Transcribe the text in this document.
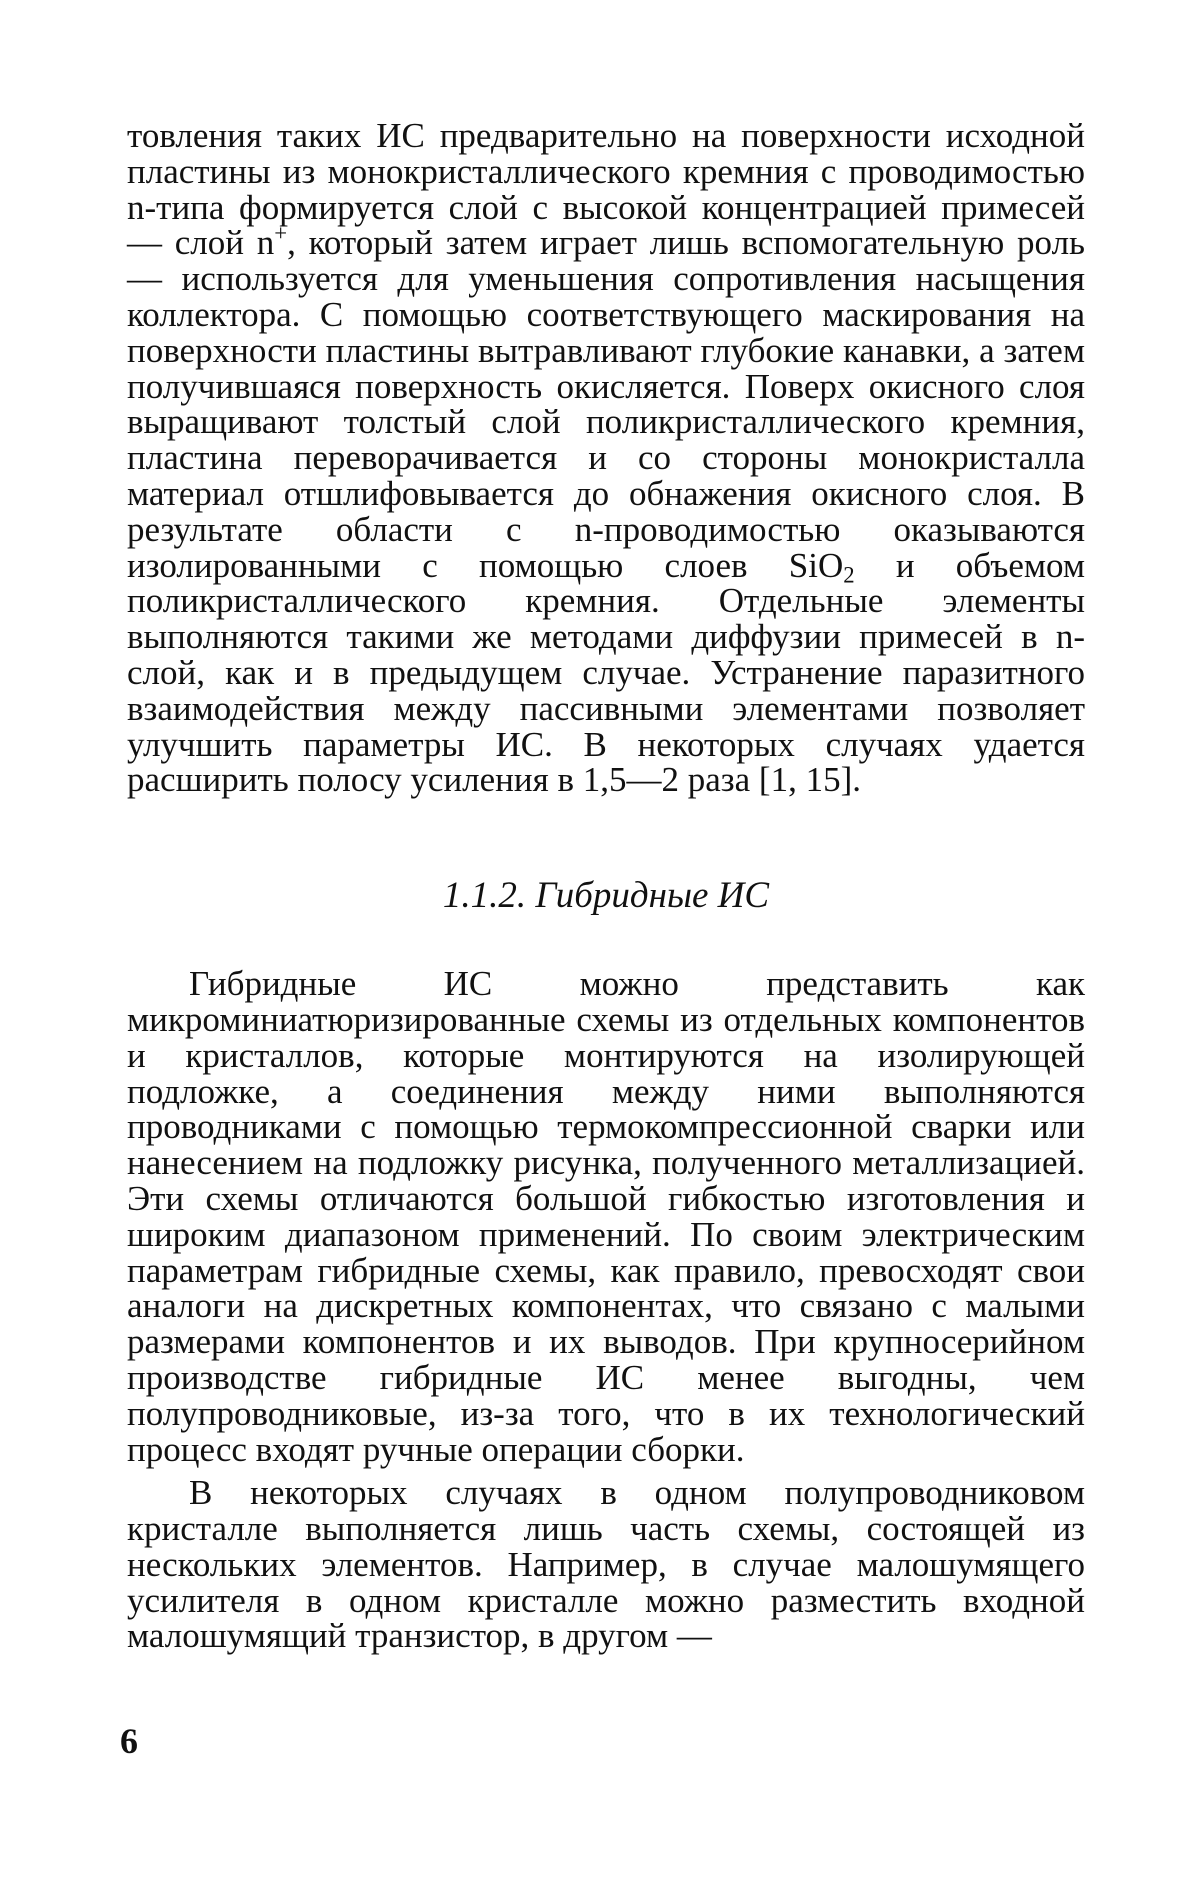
товления таких ИС предварительно на поверхности исходной пластины из монокристаллического кремния с проводимостью n-типа формируется слой с высокой концентрацией примесей — слой n+, который затем играет лишь вспомогательную роль — используется для уменьшения сопротивления насыщения коллектора. С помощью соответствующего маскирования на поверхности пластины вытравливают глубокие канавки, а затем получившаяся поверхность окисляется. Поверх окисного слоя выращивают толстый слой поликристаллического кремния, пластина переворачивается и со стороны монокристалла материал отшлифовывается до обнажения окисного слоя. В результате области с n-проводимостью оказываются изолированными с помощью слоев SiO$_2$ и объемом поликристаллического кремния. Отдельные элементы выполняются такими же методами диффузии примесей в n-слой, как и в предыдущем случае. Устранение паразитного взаимодействия между пассивными элементами позволяет улучшить параметры ИС. В некоторых случаях удается расширить полосу усиления в 1,5—2 раза [1, 15].

1.1.2. Гибридные ИС

Гибридные ИС можно представить как микроминиатюризированные схемы из отдельных компонентов и кристаллов, которые монтируются на изолирующей подложке, а соединения между ними выполняются проводниками с помощью термокомпрессионной сварки или нанесением на подложку рисунка, полученного металлизацией. Эти схемы отличаются большой гибкостью изготовления и широким диапазоном применений. По своим электрическим параметрам гибридные схемы, как правило, превосходят свои аналоги на дискретных компонентах, что связано с малыми размерами компонентов и их выводов. При крупносерийном производстве гибридные ИС менее выгодны, чем полупроводниковые, из-за того, что в их технологический процесс входят ручные операции сборки.

В некоторых случаях в одном полупроводниковом кристалле выполняется лишь часть схемы, состоящей из нескольких элементов. Например, в случае малошумящего усилителя в одном кристалле можно разместить входной малошумящий транзистор, в другом —

6
